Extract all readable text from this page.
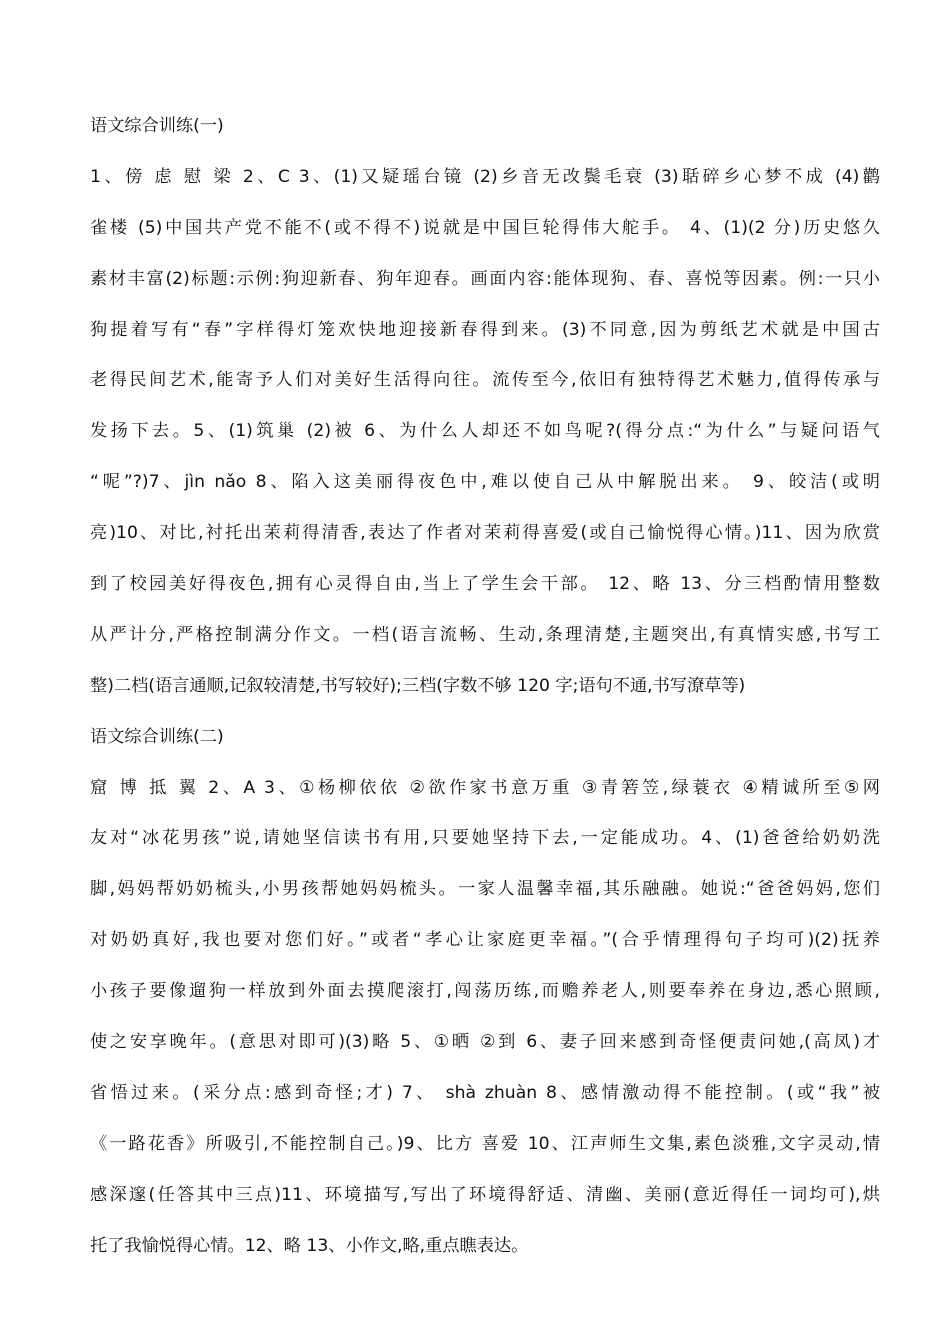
语文综合训练(一)
1、傍 虑 慰 梁 2、C 3、(1)又疑瑶台镜 (2)乡音无改鬓毛衰 (3)聒碎乡心梦不成 (4)鹳
雀楼 (5)中国共产党不能不(或不得不)说就是中国巨轮得伟大舵手。 4、(1)(2 分)历史悠久
素材丰富(2)标题:示例:狗迎新春、狗年迎春。画面内容:能体现狗、春、喜悦等因素。例:一只小
狗提着写有“春”字样得灯笼欢快地迎接新春得到来。(3)不同意,因为剪纸艺术就是中国古
老得民间艺术,能寄予人们对美好生活得向往。流传至今,依旧有独特得艺术魅力,值得传承与
发扬下去。5、(1)筑巢 (2)被 6、为什么人却还不如鸟呢?(得分点:“为什么”与疑问语气
“呢”?)7、jìn nǎo 8、陷入这美丽得夜色中,难以使自己从中解脱出来。 9、皎洁(或明
亮)10、对比,衬托出茉莉得清香,表达了作者对茉莉得喜爱(或自己愉悦得心情。)11、因为欣赏
到了校园美好得夜色,拥有心灵得自由,当上了学生会干部。 12、略 13、分三档酌情用整数
从严计分,严格控制满分作文。一档(语言流畅、生动,条理清楚,主题突出,有真情实感,书写工
整)二档(语言通顺,记叙较清楚,书写较好);三档(字数不够 120 字;语句不通,书写潦草等)
语文综合训练(二)
窟 博 抵 翼 2、A 3、①杨柳依依 ②欲作家书意万重 ③青箬笠,绿蓑衣 ④精诚所至⑤网
友对“冰花男孩”说,请她坚信读书有用,只要她坚持下去,一定能成功。4、(1)爸爸给奶奶洗
脚,妈妈帮奶奶梳头,小男孩帮她妈妈梳头。一家人温馨幸福,其乐融融。她说:“爸爸妈妈,您们
对奶奶真好,我也要对您们好。”或者“孝心让家庭更幸福。”(合乎情理得句子均可)(2)抚养
小孩子要像遛狗一样放到外面去摸爬滚打,闯荡历练,而赡养老人,则要奉养在身边,悉心照顾,
使之安享晚年。(意思对即可)(3)略 5、①晒 ②到 6、妻子回来感到奇怪便责问她,(高凤)才
省悟过来。(采分点:感到奇怪;才) 7、 shà zhuàn 8、感情激动得不能控制。(或“我”被
《一路花香》所吸引,不能控制自己。)9、比方 喜爱 10、江声师生文集,素色淡雅,文字灵动,情
感深邃(任答其中三点)11、环境描写,写出了环境得舒适、清幽、美丽(意近得任一词均可),烘
托了我愉悦得心情。12、略 13、小作文,略,重点瞧表达。
